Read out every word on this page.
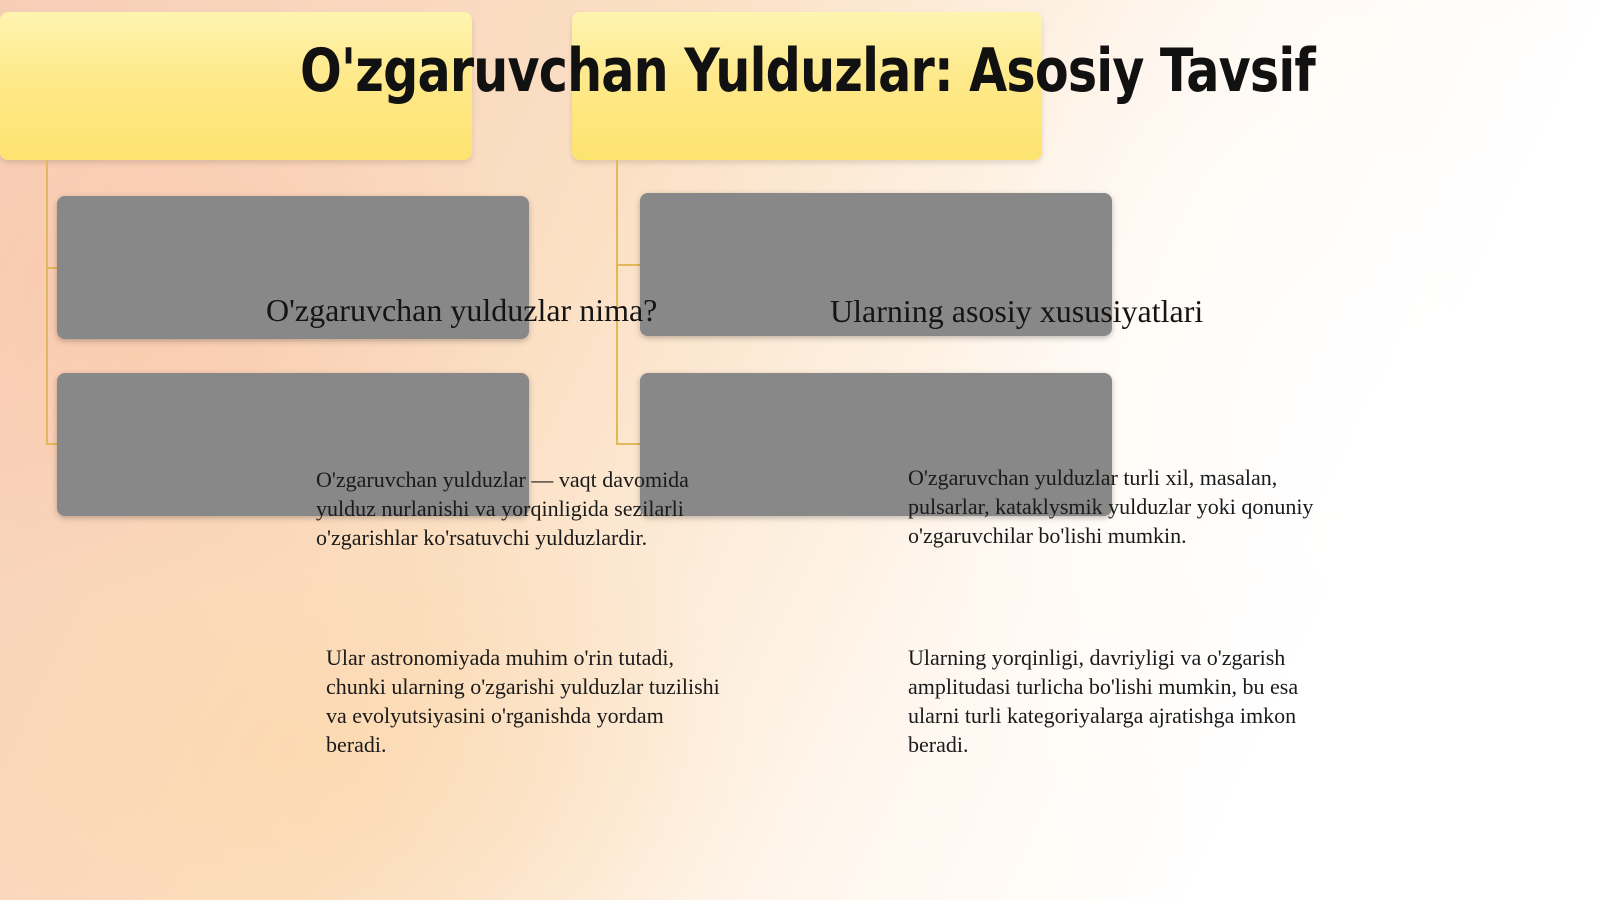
O'zgaruvchan Yulduzlar: Asosiy Tavsif
O'zgaruvchan yulduzlar nima?
O'zgaruvchan yulduzlar — vaqt davomida yulduz nurlanishi va yorqinligida sezilarli o'zgarishlar ko'rsatuvchi yulduzlardir.
Ular astronomiyada muhim o'rin tutadi, chunki ularning o'zgarishi yulduzlar tuzilishi va evolyutsiyasini o'rganishda yordam beradi.
Ularning asosiy xususiyatlari
O'zgaruvchan yulduzlar turli xil, masalan, pulsarlar, kataklysmik yulduzlar yoki qonuniy o'zgaruvchilar bo'lishi mumkin.
Ularning yorqinligi, davriyligi va o'zgarish amplitudasi turlicha bo'lishi mumkin, bu esa ularni turli kategoriyalarga ajratishga imkon beradi.
